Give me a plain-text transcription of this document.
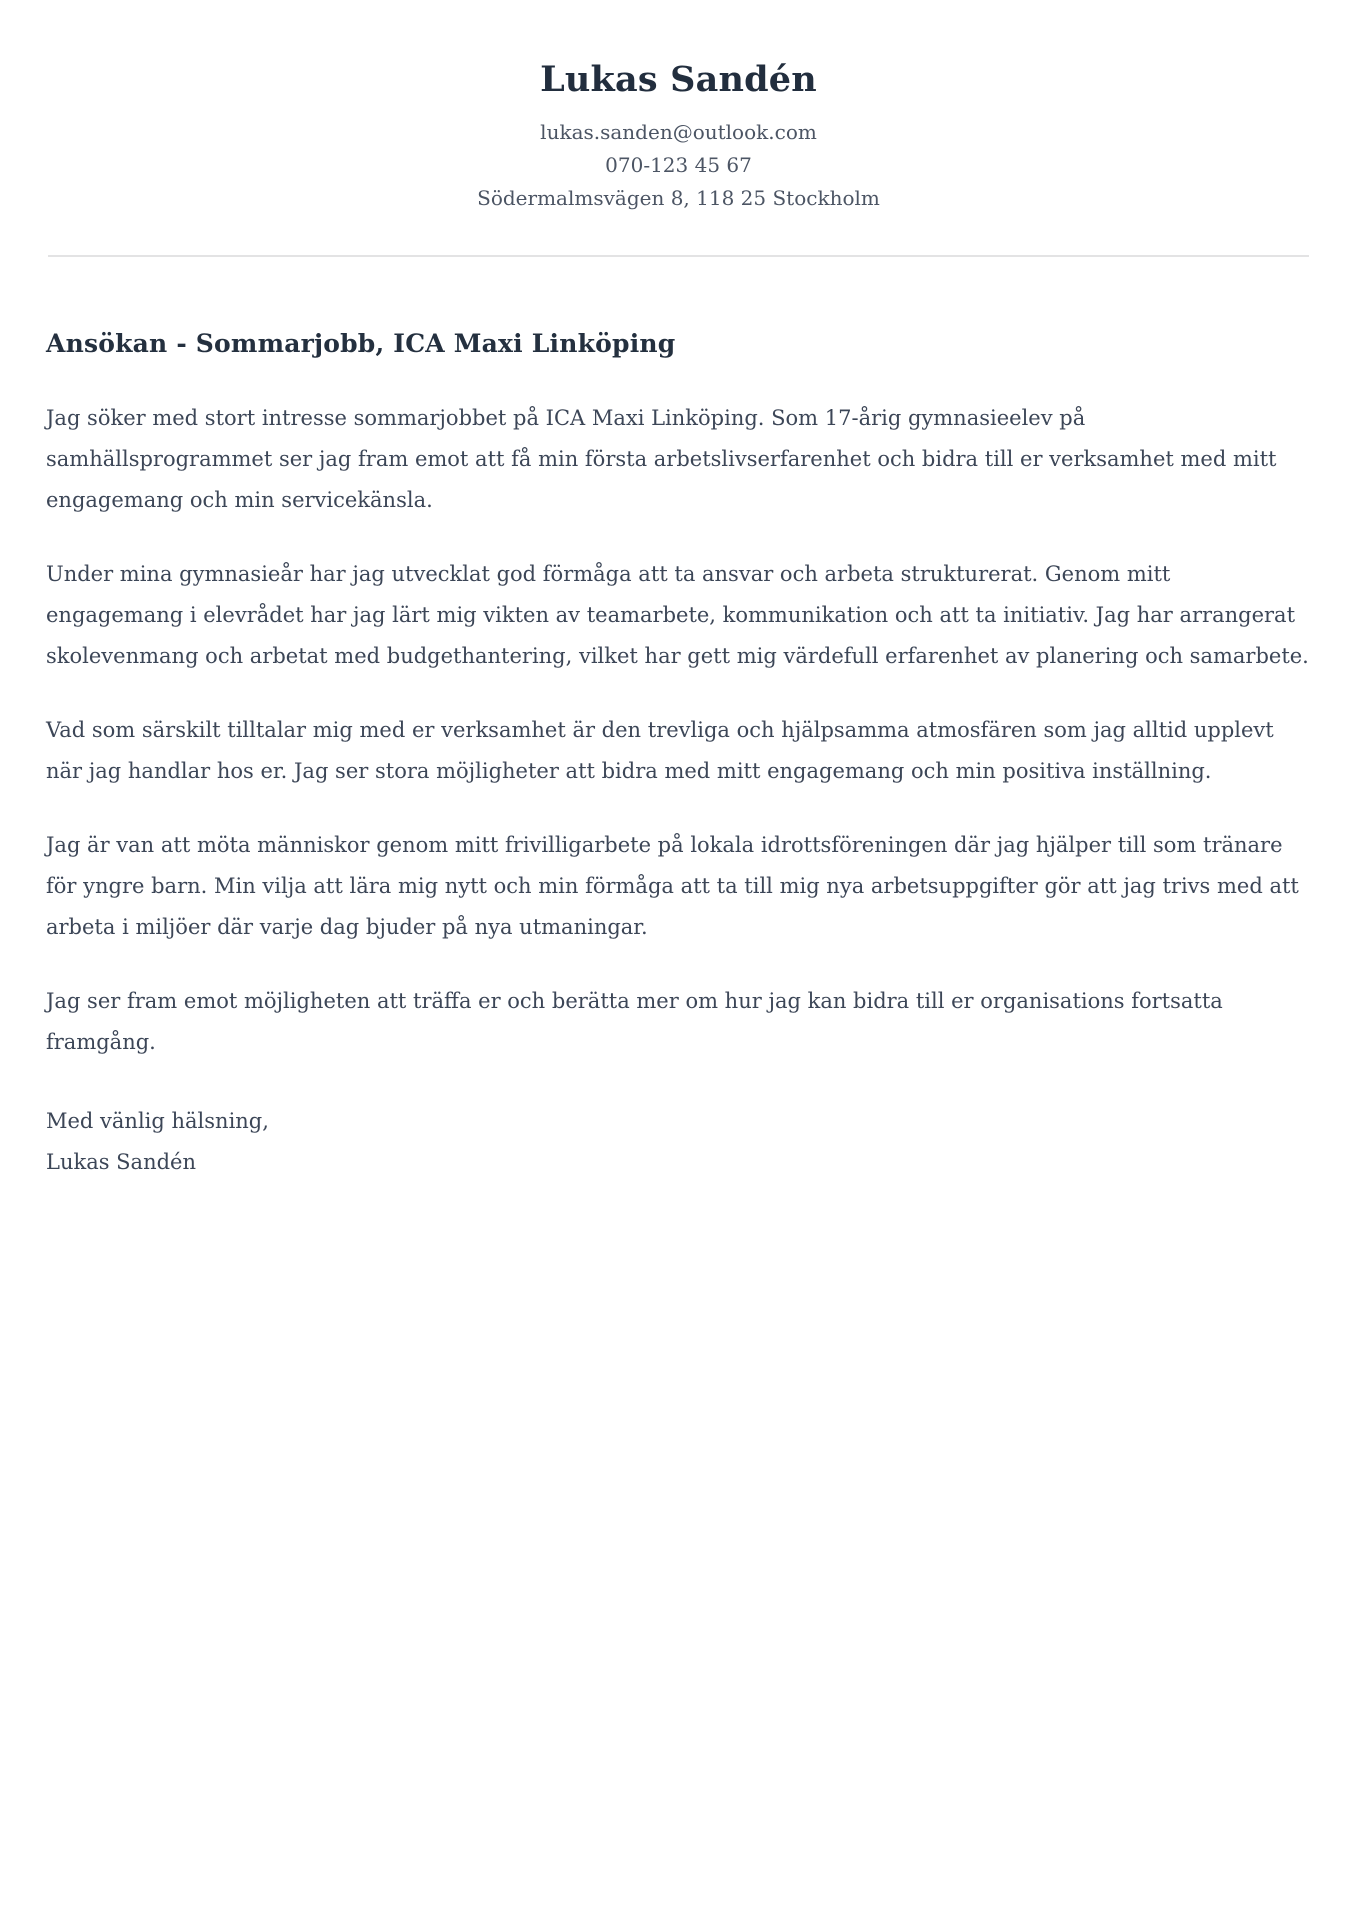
Lukas Sandén
lukas.sanden@outlook.com
070-123 45 67
Södermalmsvägen 8, 118 25 Stockholm
Ansökan - Sommarjobb, ICA Maxi Linköping

Jag söker med stort intresse sommarjobbet på ICA Maxi Linköping. Som 17-årig gymnasieelev på samhällsprogrammet ser jag fram emot att få min första arbetslivserfarenhet och bidra till er verksamhet med mitt engagemang och min servicekänsla.

Under mina gymnasieår har jag utvecklat god förmåga att ta ansvar och arbeta strukturerat. Genom mitt engagemang i elevrådet har jag lärt mig vikten av teamarbete, kommunikation och att ta initiativ. Jag har arrangerat skolevenmang och arbetat med budgethantering, vilket har gett mig värdefull erfarenhet av planering och samarbete.

Vad som särskilt tilltalar mig med er verksamhet är den trevliga och hjälpsamma atmosfären som jag alltid upplevt när jag handlar hos er. Jag ser stora möjligheter att bidra med mitt engagemang och min positiva inställning.

Jag är van att möta människor genom mitt frivilligarbete på lokala idrottsföreningen där jag hjälper till som tränare för yngre barn. Min vilja att lära mig nytt och min förmåga att ta till mig nya arbetsuppgifter gör att jag trivs med att arbeta i miljöer där varje dag bjuder på nya utmaningar.

Jag ser fram emot möjligheten att träffa er och berätta mer om hur jag kan bidra till er organisations fortsatta framgång.

Med vänlig hälsning,
Lukas Sandén
